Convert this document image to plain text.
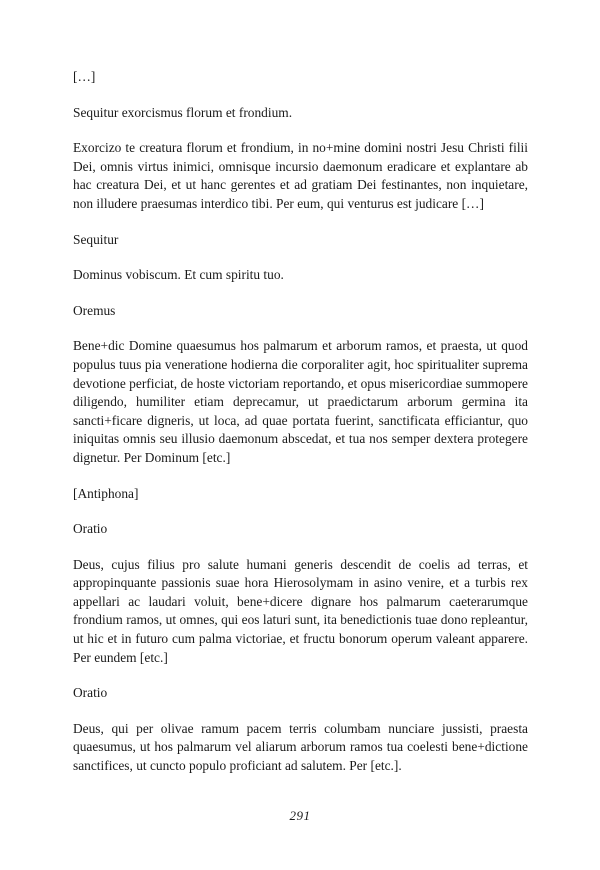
[…]

Sequitur exorcismus florum et frondium.

Exorcizo te creatura florum et frondium, in no+mine domini nostri Jesu Christi filii Dei, omnis virtus inimici, omnisque incursio daemonum eradicare et explantare ab hac creatura Dei, et ut hanc gerentes et ad gratiam Dei festinantes, non inquietare, non illudere praesumas interdico tibi. Per eum, qui venturus est judicare […]

Sequitur

Dominus vobiscum. Et cum spiritu tuo.

Oremus

Bene+dic Domine quaesumus hos palmarum et arborum ramos, et praesta, ut quod populus tuus pia veneratione hodierna die corporaliter agit, hoc spiritualiter suprema devotione perficiat, de hoste victoriam reportando, et opus misericordiae summopere diligendo, humiliter etiam deprecamur, ut praedictarum arborum germina ita sancti+ficare digneris, ut loca, ad quae portata fuerint, sanctificata efficiantur, quo iniquitas omnis seu illusio daemonum abscedat, et tua nos semper dextera protegere dignetur. Per Dominum [etc.]

[Antiphona]

Oratio

Deus, cujus filius pro salute humani generis descendit de coelis ad terras, et appropinquante passionis suae hora Hierosolymam in asino venire, et a turbis rex appellari ac laudari voluit, bene+dicere dignare hos palmarum caeterarumque frondium ramos, ut omnes, qui eos laturi sunt, ita benedictionis tuae dono repleantur, ut hic et in futuro cum palma victoriae, et fructu bonorum operum valeant apparere. Per eundem [etc.]

Oratio

Deus, qui per olivae ramum pacem terris columbam nunciare jussisti, praesta quaesumus, ut hos palmarum vel aliarum arborum ramos tua coelesti bene+dictione sanctifices, ut cuncto populo proficiant ad salutem. Per [etc.].

291
